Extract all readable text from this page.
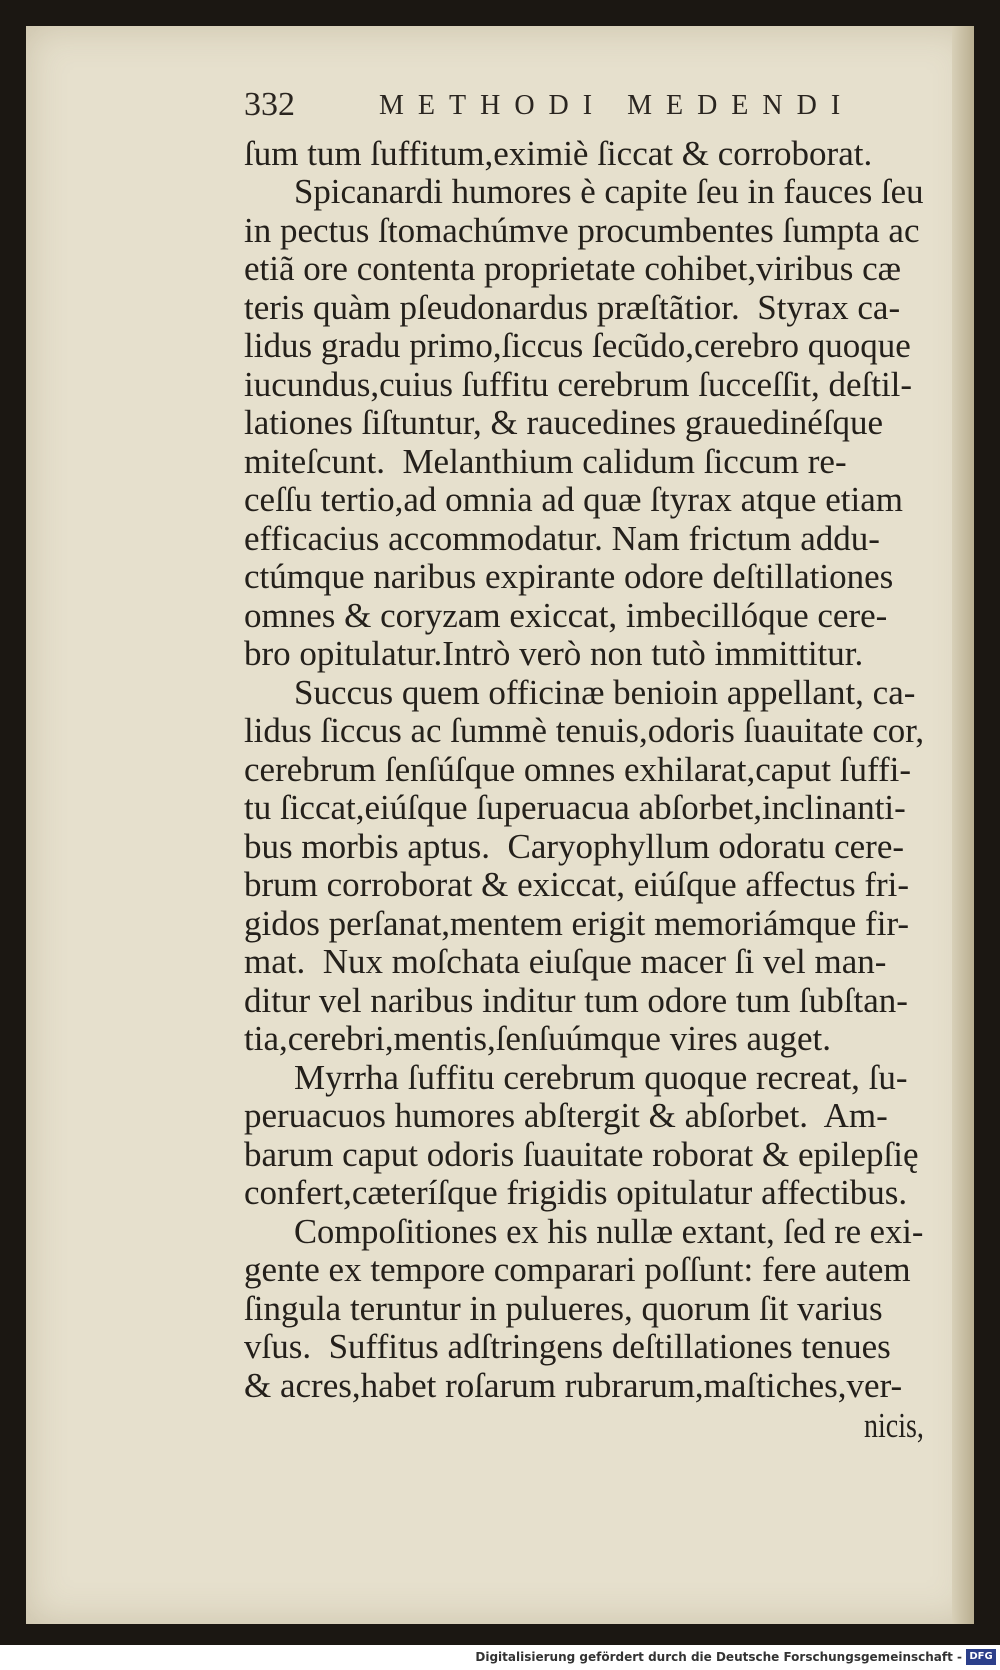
332	METHODI MEDENDI
ſum tum ſuffitum,eximiè ſiccat & corroborat.
Spicanardi humores è capite ſeu in fauces ſeu
in pectus ſtomachúmve procumbentes ſumpta ac
etiã ore contenta proprietate cohibet,viribus cæ
teris quàm pſeudonardus præſtãtior.  Styrax ca-
lidus gradu primo,ſiccus ſecũdo,cerebro quoque
iucundus,cuius ſuffitu cerebrum ſucceſſit, deſtil-
lationes ſiſtuntur, & raucedines grauedinéſque
miteſcunt.  Melanthium calidum ſiccum re-
ceſſu tertio,ad omnia ad quæ ſtyrax atque etiam
efficacius accommodatur. Nam frictum addu-
ctúmque naribus expirante odore deſtillationes
omnes & coryzam exiccat, imbecillóque cere-
bro opitulatur.Intrò verò non tutò immittitur.
Succus quem officinæ benioin appellant, ca-
lidus ſiccus ac ſummè tenuis,odoris ſuauitate cor,
cerebrum ſenſúſque omnes exhilarat,caput ſuffi-
tu ſiccat,eiúſque ſuperuacua abſorbet,inclinanti-
bus morbis aptus.  Caryophyllum odoratu cere-
brum corroborat & exiccat, eiúſque affectus fri-
gidos perſanat,mentem erigit memoriámque fir-
mat.  Nux moſchata eiuſque macer ſi vel man-
ditur vel naribus inditur tum odore tum ſubſtan-
tia,cerebri,mentis,ſenſuúmque vires auget.
Myrrha ſuffitu cerebrum quoque recreat, ſu-
peruacuos humores abſtergit & abſorbet.  Am-
barum caput odoris ſuauitate roborat & epilepſię
confert,cæteríſque frigidis opitulatur affectibus.
Compoſitiones ex his nullæ extant, ſed re exi-
gente ex tempore comparari poſſunt: fere autem
ſingula teruntur in pulueres, quorum ſit varius
vſus.  Suffitus adſtringens deſtillationes tenues
& acres,habet roſarum rubrarum,maſtiches,ver-
nicis,
Digitalisierung gefördert durch die Deutsche Forschungsgemeinschaft - DFG
